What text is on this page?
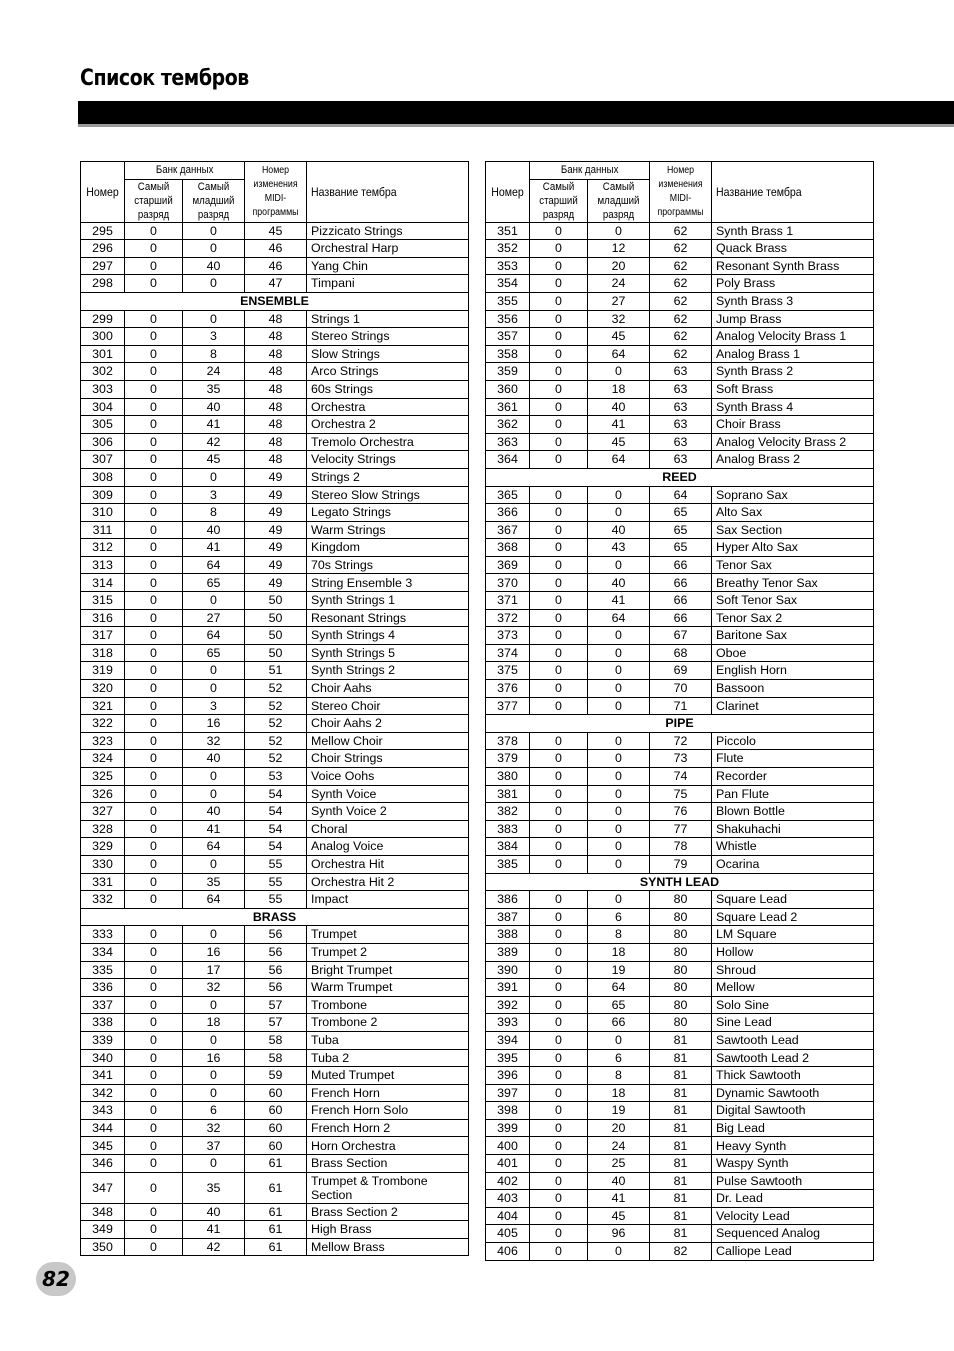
Список тембров
Номер	Банк данных		Номер изменения MIDI-программы	Название тембра
	Самый старший разряд	Самый младший разряд		
295	0	0	45	Pizzicato Strings
296	0	0	46	Orchestral Harp
297	0	40	46	Yang Chin
298	0	0	47	Timpani
ENSEMBLE				
299	0	0	48	Strings 1
300	0	3	48	Stereo Strings
301	0	8	48	Slow Strings
302	0	24	48	Arco Strings
303	0	35	48	60s Strings
304	0	40	48	Orchestra
305	0	41	48	Orchestra 2
306	0	42	48	Tremolo Orchestra
307	0	45	48	Velocity Strings
308	0	0	49	Strings 2
309	0	3	49	Stereo Slow Strings
310	0	8	49	Legato Strings
311	0	40	49	Warm Strings
312	0	41	49	Kingdom
313	0	64	49	70s Strings
314	0	65	49	String Ensemble 3
315	0	0	50	Synth Strings 1
316	0	27	50	Resonant Strings
317	0	64	50	Synth Strings 4
318	0	65	50	Synth Strings 5
319	0	0	51	Synth Strings 2
320	0	0	52	Choir Aahs
321	0	3	52	Stereo Choir
322	0	16	52	Choir Aahs 2
323	0	32	52	Mellow Choir
324	0	40	52	Choir Strings
325	0	0	53	Voice Oohs
326	0	0	54	Synth Voice
327	0	40	54	Synth Voice 2
328	0	41	54	Choral
329	0	64	54	Analog Voice
330	0	0	55	Orchestra Hit
331	0	35	55	Orchestra Hit 2
332	0	64	55	Impact
BRASS				
333	0	0	56	Trumpet
334	0	16	56	Trumpet 2
335	0	17	56	Bright Trumpet
336	0	32	56	Warm Trumpet
337	0	0	57	Trombone
338	0	18	57	Trombone 2
339	0	0	58	Tuba
340	0	16	58	Tuba 2
341	0	0	59	Muted Trumpet
342	0	0	60	French Horn
343	0	6	60	French Horn Solo
344	0	32	60	French Horn 2
345	0	37	60	Horn Orchestra
346	0	0	61	Brass Section
347	0	35	61	Trumpet & Trombone Section
348	0	40	61	Brass Section 2
349	0	41	61	High Brass
350	0	42	61	Mellow Brass
Номер	Банк данных		Номер изменения MIDI-программы	Название тембра
	Самый старший разряд	Самый младший разряд		
351	0	0	62	Synth Brass 1
352	0	12	62	Quack Brass
353	0	20	62	Resonant Synth Brass
354	0	24	62	Poly Brass
355	0	27	62	Synth Brass 3
356	0	32	62	Jump Brass
357	0	45	62	Analog Velocity Brass 1
358	0	64	62	Analog Brass 1
359	0	0	63	Synth Brass 2
360	0	18	63	Soft Brass
361	0	40	63	Synth Brass 4
362	0	41	63	Choir Brass
363	0	45	63	Analog Velocity Brass 2
364	0	64	63	Analog Brass 2
REED				
365	0	0	64	Soprano Sax
366	0	0	65	Alto Sax
367	0	40	65	Sax Section
368	0	43	65	Hyper Alto Sax
369	0	0	66	Tenor Sax
370	0	40	66	Breathy Tenor Sax
371	0	41	66	Soft Tenor Sax
372	0	64	66	Tenor Sax 2
373	0	0	67	Baritone Sax
374	0	0	68	Oboe
375	0	0	69	English Horn
376	0	0	70	Bassoon
377	0	0	71	Clarinet
PIPE				
378	0	0	72	Piccolo
379	0	0	73	Flute
380	0	0	74	Recorder
381	0	0	75	Pan Flute
382	0	0	76	Blown Bottle
383	0	0	77	Shakuhachi
384	0	0	78	Whistle
385	0	0	79	Ocarina
SYNTH LEAD				
386	0	0	80	Square Lead
387	0	6	80	Square Lead 2
388	0	8	80	LM Square
389	0	18	80	Hollow
390	0	19	80	Shroud
391	0	64	80	Mellow
392	0	65	80	Solo Sine
393	0	66	80	Sine Lead
394	0	0	81	Sawtooth Lead
395	0	6	81	Sawtooth Lead 2
396	0	8	81	Thick Sawtooth
397	0	18	81	Dynamic Sawtooth
398	0	19	81	Digital Sawtooth
399	0	20	81	Big Lead
400	0	24	81	Heavy Synth
401	0	25	81	Waspy Synth
402	0	40	81	Pulse Sawtooth
403	0	41	81	Dr. Lead
404	0	45	81	Velocity Lead
405	0	96	81	Sequenced Analog
406	0	0	82	Calliope Lead
82
